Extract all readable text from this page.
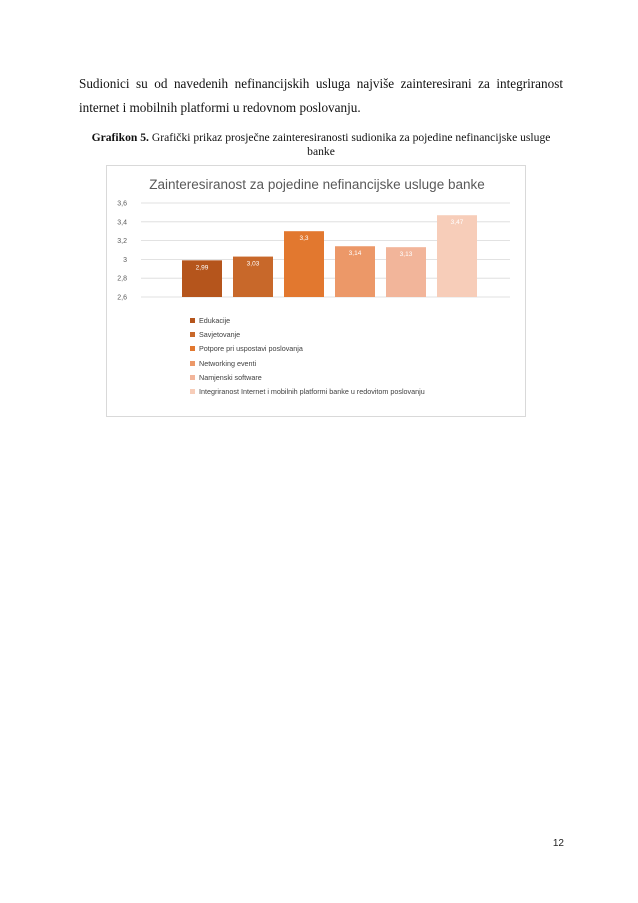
Sudionici su od navedenih nefinancijskih usluga najviše zainteresirani za integriranost
internet i mobilnih platformi u redovnom poslovanju.
Grafikon 5. Grafički prikaz prosječne zainteresiranosti sudionika za pojedine nefinancijske usluge banke
Zainteresiranost za pojedine nefinancijske usluge banke
2,6
2,8
3
3,2
3,4
3,6
2,99
3,03
3,3
3,14	3,13
3,47
Edukacije
Savjetovanje
Potpore pri uspostavi poslovanja
Networking eventi
Namjenski software
Integriranost Internet i mobilnih platformi banke u redovitom poslovanju
12
